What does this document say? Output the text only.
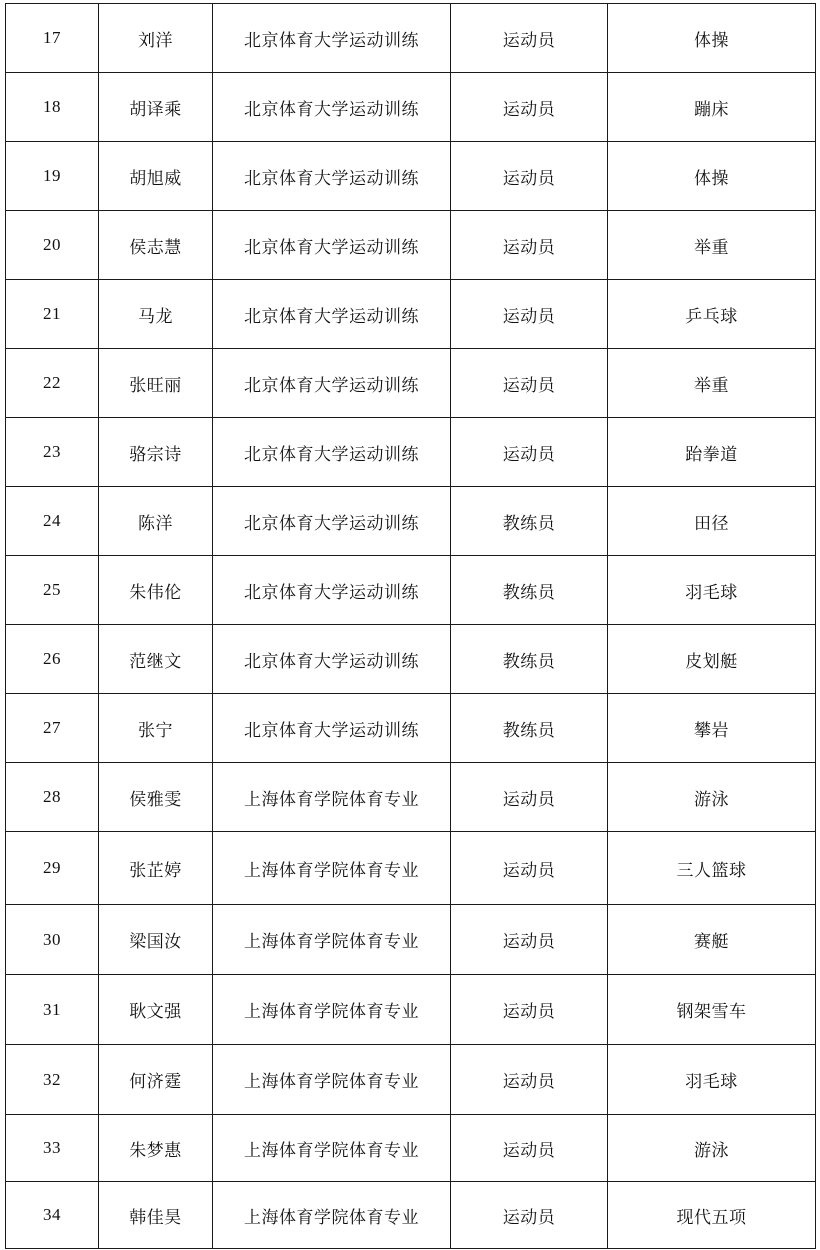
17	刘洋	北京体育大学运动训练	运动员	体操
18	胡译乘	北京体育大学运动训练	运动员	蹦床
19	胡旭威	北京体育大学运动训练	运动员	体操
20	侯志慧	北京体育大学运动训练	运动员	举重
21	马龙	北京体育大学运动训练	运动员	乒乓球
22	张旺丽	北京体育大学运动训练	运动员	举重
23	骆宗诗	北京体育大学运动训练	运动员	跆拳道
24	陈洋	北京体育大学运动训练	教练员	田径
25	朱伟伦	北京体育大学运动训练	教练员	羽毛球
26	范继文	北京体育大学运动训练	教练员	皮划艇
27	张宁	北京体育大学运动训练	教练员	攀岩
28	侯雅雯	上海体育学院体育专业	运动员	游泳
29	张芷婷	上海体育学院体育专业	运动员	三人篮球
30	梁国汝	上海体育学院体育专业	运动员	赛艇
31	耿文强	上海体育学院体育专业	运动员	钢架雪车
32	何济霆	上海体育学院体育专业	运动员	羽毛球
33	朱梦惠	上海体育学院体育专业	运动员	游泳
34	韩佳昊	上海体育学院体育专业	运动员	现代五项
